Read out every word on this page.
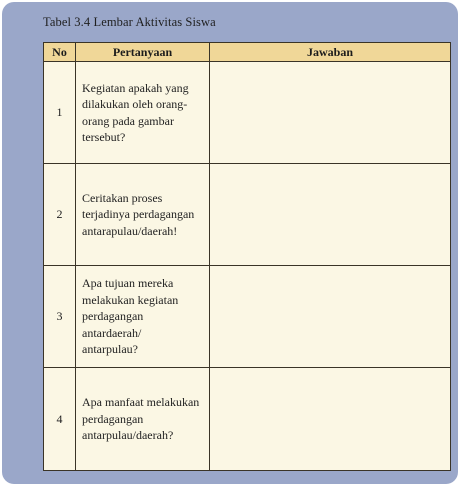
Tabel 3.4 Lembar Aktivitas Siswa
No	Pertanyaan	Jawaban
1	Kegiatan apakah yang dilakukan oleh orang-orang pada gambar tersebut?	

2	Ceritakan proses terjadinya perdagangan antarapulau/daerah!	

3	Apa tujuan mereka melakukan kegiatan perdagangan antardaerah/ antarpulau?	

4	Apa manfaat melakukan perdagangan antarpulau/daerah?	
